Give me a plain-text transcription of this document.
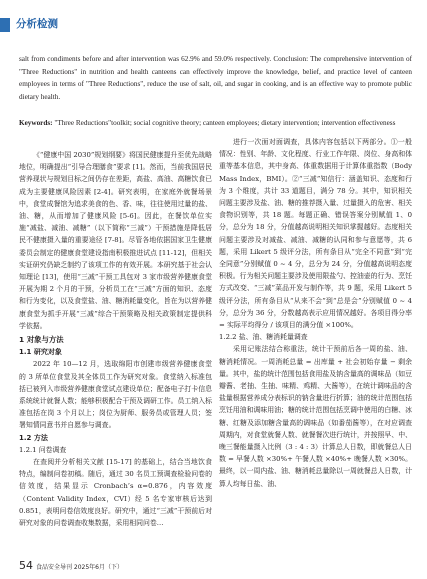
分析检测
salt from condiments before and after intervention was 62.9% and 59.0% respectively. Conclusion: The comprehensive intervention of "Three Reductions" in nutrition and health canteens can effectively improve the knowledge, belief, and practice level of canteen employees in terms of "Three Reductions", reduce the use of salt, oil, and sugar in cooking, and is an effective way to promote public dietary health.
Keywords: "Three Reductions"toolkit; social cognitive theory; canteen employees; dietary intervention; intervention effectiveness

《“健康中国 2030”规划纲要》将国民健康提升至优先战略地位，明确提出“引导合理膳食”要求 [1]。然而，当前我国居民营养现状与规划目标之间仍存在差距，高盐、高油、高糖饮食已成为主要健康风险因素 [2-4]。研究表明，在家庭外就餐场景中，食堂成餐馆为追求美食的色、香、味，往往使用过量的盐、油、糖，从而增加了健康风险 [5-6]。因此，在餐饮单位实施“减盐、减油、减糖”（以下简称“三减”）干预措施是降低居民不健康摄入量的重要途径 [7-8]。尽管各地依据国家卫生健康委员会制定的健康食堂建设指南积极推进试点 [11-12]，但相关实证研究仍缺乏制约了该项工作的有效开展。本研究基于社会认知理论 [13]，使用“三减”干预工具包对 3 家市级营养健康食堂开展为期 2 个月的干预，分析员工在“三减”方面的知识、态度和行为变化，以及食堂盐、油、糖消耗量变化，旨在为以营养健康食堂为抓手开展“三减”综合干预策略及相关政策制定提供科学依据。

1 对象与方法

1.1 研究对象

2022 年 10—12 月，选取绵阳市创建市级营养健康食堂的 3 所单位食堂及其全体员工作为研究对象。食堂纳入标准包括已被列入市级营养健康食堂试点建设单位；配备电子打卡信息系统统计就餐人数；能够积极配合干预及调研工作。员工纳入标准包括在岗 3 个月以上；岗位为厨师、服务员或管理人员；签署知情同意书并自愿参与调查。

1.2 方法

1.2.1 问卷调查

在查阅并分析相关文献 [15-17] 的基础上，结合当地饮食特点，编制问卷初稿。随后，通过 30 名员工预调查检验问卷的信效度，结果显示 Cronbach’s α=0.876，内容效度（Content Validity Index，CVI）经 5 名专家审核后达到 0.851，表明问卷信效度良好。研究中，通过“三减”干预前后对研究对象的问卷调查收集数据，采用相同问卷...

进行一次面对面调查，具体内容包括以下两部分。①一般情况：性别、年龄、文化程度、行业工作年限、岗位、身高和体重等基本信息，其中身高、体重数据用于计算体重指数（Body Mass Index，BMI）。②“三减”知信行：涵盖知识、态度和行为 3 个维度，共计 33 道题目，满分 78 分。其中，知识相关问题主要涉及盐、油、糖的推荐摄入量、过量摄入的危害、相关食物识别等，共 18 题。每题正确、错误答案分别赋值 1、0 分，总分为 18 分，分值越高说明相关知识掌握越好。态度相关问题主要涉及对减盐、减油、减糖的认同和参与意愿等，共 6 题，采用 Likert 5 级评分法，所有条目从“完全不同意”到“完全同意”分别赋值 0 ~ 4 分，总分为 24 分，分值越高说明态度积极。行为相关问题主要涉及使用限盐勺、控油壶的行为、烹饪方式改变、“三减”菜品开发与制作等，共 9 题，采用 Likert 5 级评分法，所有条目从“从来不会”到“总是会”分别赋值 0 ~ 4 分，总分为 36 分，分数越高表示应用情况越好。各项目得分率 = 实际平均得分 / 该项目的满分值 ×100%。

1.2.2 盐、油、糖消耗量调查

采用记账法结合称重法，统计干预前后各一周的盐、油、糖消耗情况。一周消耗总量 = 出库量 + 社会初始存量 − 剩余量。其中，盐的统计范围包括食用盐及钠含量高的调味品（如豆瓣酱、老抽、生抽、味精、鸡精、大酱等），在统计调味品的含盐量根据营养成分表标识的钠含量进行折算；油的统计范围包括烹饪用油和调味用油；糖的统计范围包括烹调中使用的白糖、冰糖、红糖及添加糖含量高的调味品（如番茄酱等），在对应调查周期内，对食堂就餐人数、就餐餐次进行统计，并按照早、中、晚三餐能量摄入比例（3 : 4 : 3）计算总人日数，即就餐总人日数 = 早餐人数 ×30%+ 午餐人数 ×40%+ 晚餐人数 ×30%。最终，以一周内盐、油、糖消耗总量除以一周就餐总人日数，计算人均每日盐、油、

54 食品安全导刊 2025年6月（下）
